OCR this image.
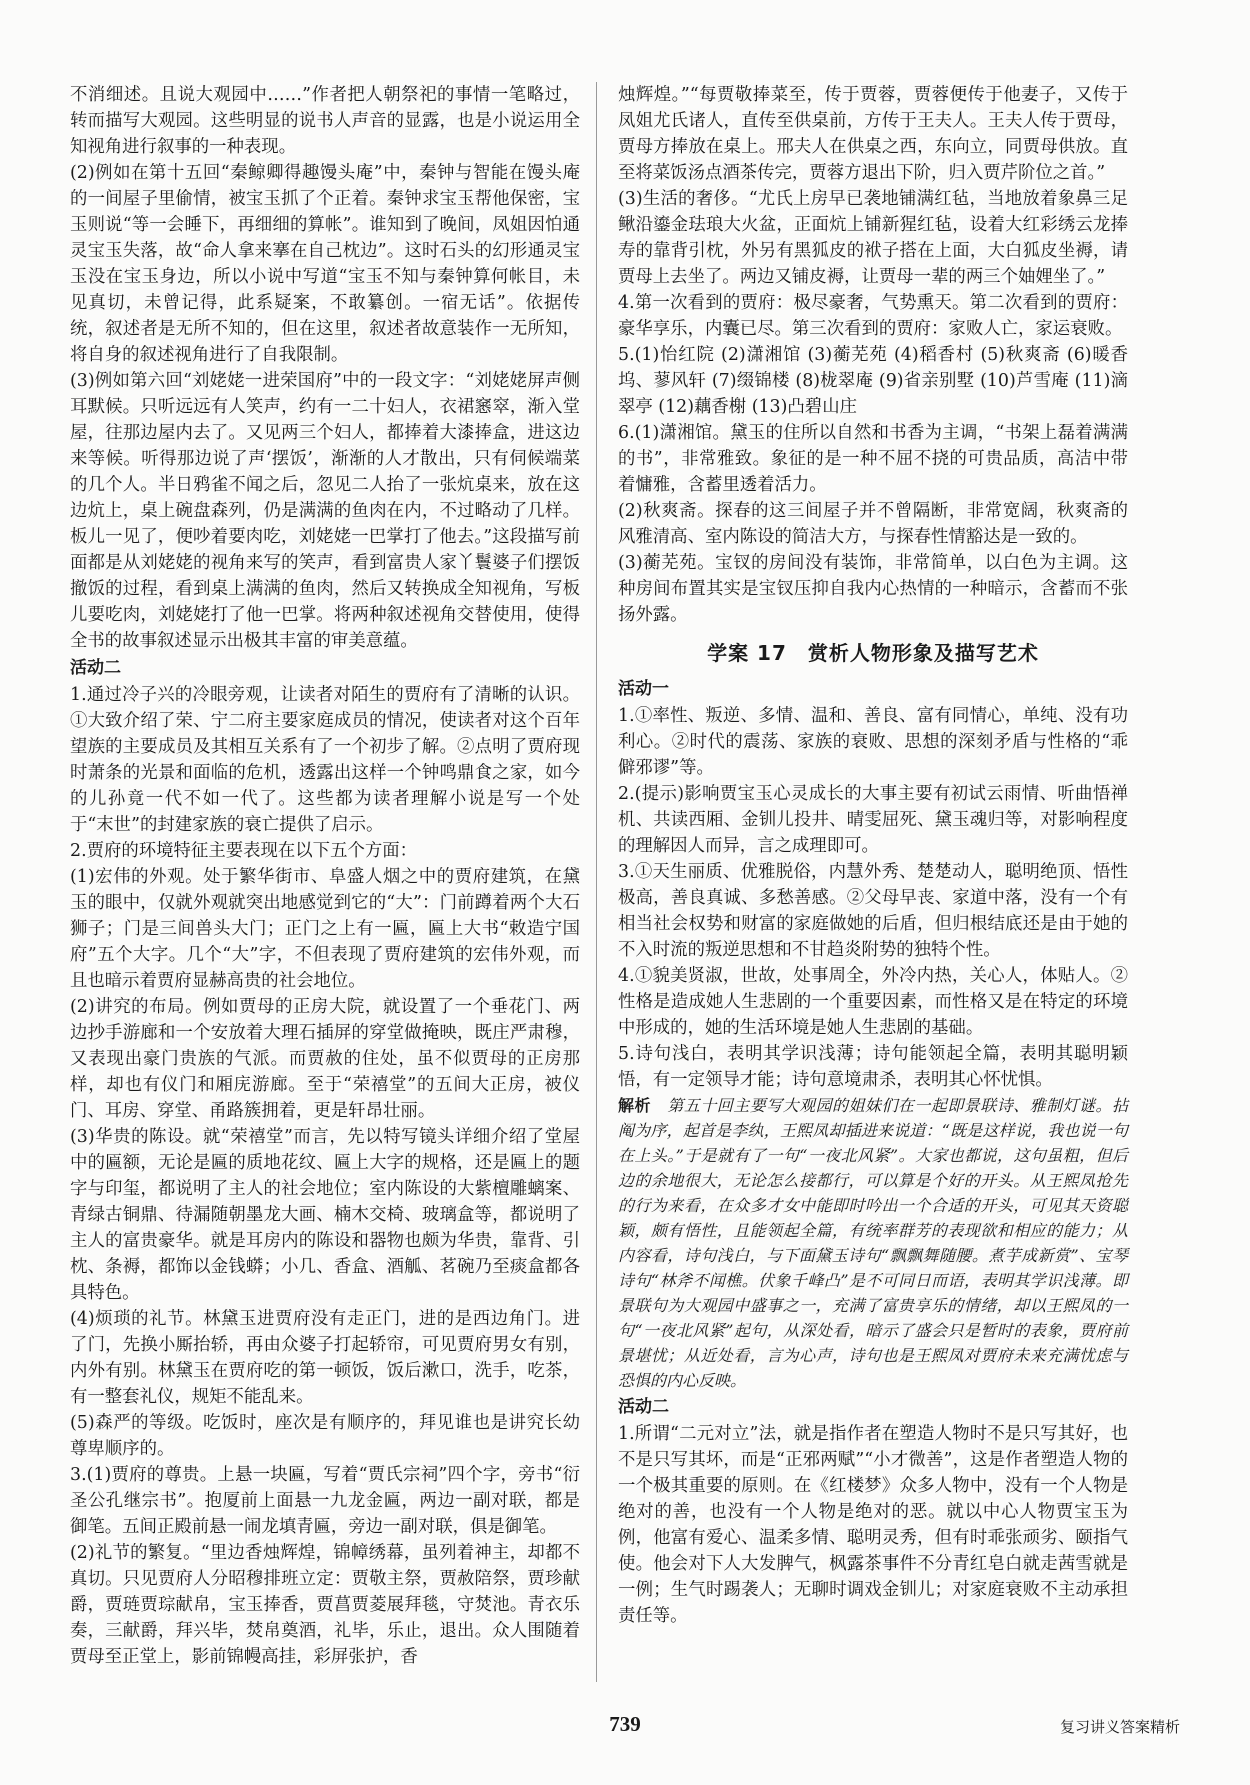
不消细述。且说大观园中……”作者把人朝祭祀的事情一笔略过，转而描写大观园。这些明显的说书人声音的显露，也是小说运用全知视角进行叙事的一种表现。

(2)例如在第十五回“秦鲸卿得趣馒头庵”中，秦钟与智能在馒头庵的一间屋子里偷情，被宝玉抓了个正着。秦钟求宝玉帮他保密，宝玉则说“等一会睡下，再细细的算帐”。谁知到了晚间，凤姐因怕通灵宝玉失落，故“命人拿来搴在自己枕边”。这时石头的幻形通灵宝玉没在宝玉身边，所以小说中写道“宝玉不知与秦钟算何帐目，未见真切，未曾记得，此系疑案，不敢纂创。一宿无话”。依据传统，叙述者是无所不知的，但在这里，叙述者故意装作一无所知，将自身的叙述视角进行了自我限制。

(3)例如第六回“刘姥姥一进荣国府”中的一段文字：“刘姥姥屏声侧耳默候。只听远远有人笑声，约有一二十妇人，衣裙窸窣，渐入堂屋，往那边屋内去了。又见两三个妇人，都捧着大漆捧盒，进这边来等候。听得那边说了声‘摆饭’，渐渐的人才散出，只有伺候端菜的几个人。半日鸦雀不闻之后，忽见二人抬了一张炕桌来，放在这边炕上，桌上碗盘森列，仍是满满的鱼肉在内，不过略动了几样。板儿一见了，便吵着要肉吃，刘姥姥一巴掌打了他去。”这段描写前面都是从刘姥姥的视角来写的笑声，看到富贵人家丫鬟婆子们摆饭撤饭的过程，看到桌上满满的鱼肉，然后又转换成全知视角，写板儿要吃肉，刘姥姥打了他一巴掌。将两种叙述视角交替使用，使得全书的故事叙述显示出极其丰富的审美意蕴。

活动二

1.通过冷子兴的冷眼旁观，让读者对陌生的贾府有了清晰的认识。①大致介绍了荣、宁二府主要家庭成员的情况，使读者对这个百年望族的主要成员及其相互关系有了一个初步了解。②点明了贾府现时萧条的光景和面临的危机，透露出这样一个钟鸣鼎食之家，如今的儿孙竟一代不如一代了。这些都为读者理解小说是写一个处于“末世”的封建家族的衰亡提供了启示。

2.贾府的环境特征主要表现在以下五个方面：

(1)宏伟的外观。处于繁华街市、阜盛人烟之中的贾府建筑，在黛玉的眼中，仅就外观就突出地感觉到它的“大”：门前蹲着两个大石狮子；门是三间兽头大门；正门之上有一匾，匾上大书“敕造宁国府”五个大字。几个“大”字，不但表现了贾府建筑的宏伟外观，而且也暗示着贾府显赫高贵的社会地位。

(2)讲究的布局。例如贾母的正房大院，就设置了一个垂花门、两边抄手游廊和一个安放着大理石插屏的穿堂做掩映，既庄严肃穆，又表现出豪门贵族的气派。而贾赦的住处，虽不似贾母的正房那样，却也有仪门和厢庑游廊。至于“荣禧堂”的五间大正房，被仪门、耳房、穿堂、甬路簇拥着，更是轩昂壮丽。

(3)华贵的陈设。就“荣禧堂”而言，先以特写镜头详细介绍了堂屋中的匾额，无论是匾的质地花纹、匾上大字的规格，还是匾上的题字与印玺，都说明了主人的社会地位；室内陈设的大紫檀雕螭案、青绿古铜鼎、待漏随朝墨龙大画、楠木交椅、玻璃盒等，都说明了主人的富贵豪华。就是耳房内的陈设和器物也颇为华贵，靠背、引枕、条褥，都饰以金钱蟒；小几、香盒、酒觚、茗碗乃至痰盒都各具特色。

(4)烦琐的礼节。林黛玉进贾府没有走正门，进的是西边角门。进了门，先换小厮抬轿，再由众婆子打起轿帘，可见贾府男女有别，内外有别。林黛玉在贾府吃的第一顿饭，饭后漱口，洗手，吃茶，有一整套礼仪，规矩不能乱来。

(5)森严的等级。吃饭时，座次是有顺序的，拜见谁也是讲究长幼尊卑顺序的。

3.(1)贾府的尊贵。上悬一块匾，写着“贾氏宗祠”四个字，旁书“衍圣公孔继宗书”。抱厦前上面悬一九龙金匾，两边一副对联，都是御笔。五间正殿前悬一闹龙填青匾，旁边一副对联，俱是御笔。

(2)礼节的繁复。“里边香烛辉煌，锦幛绣幕，虽列着神主，却都不真切。只见贾府人分昭穆排班立定：贾敬主祭，贾赦陪祭，贾珍献爵，贾琏贾琮献帛，宝玉捧香，贾菖贾菱展拜毯，守焚池。青衣乐奏，三献爵，拜兴毕，焚帛奠酒，礼毕，乐止，退出。众人围随着贾母至正堂上，影前锦幔高挂，彩屏张护，香

烛辉煌。”“每贾敬捧菜至，传于贾蓉，贾蓉便传于他妻子，又传于凤姐尤氏诸人，直传至供桌前，方传于王夫人。王夫人传于贾母，贾母方捧放在桌上。邢夫人在供桌之西，东向立，同贾母供放。直至将菜饭汤点酒茶传完，贾蓉方退出下阶，归入贾芹阶位之首。”

(3)生活的奢侈。“尤氏上房早已袭地铺满红毡，当地放着象鼻三足鳅沿鎏金珐琅大火盆，正面炕上铺新猩红毡，设着大红彩绣云龙捧寿的靠背引枕，外另有黑狐皮的袱子搭在上面，大白狐皮坐褥，请贾母上去坐了。两边又铺皮褥，让贾母一辈的两三个妯娌坐了。”

4.第一次看到的贾府：极尽豪奢，气势熏天。第二次看到的贾府：豪华享乐，内囊已尽。第三次看到的贾府：家败人亡，家运衰败。

5.(1)怡红院 (2)潇湘馆 (3)蘅芜苑 (4)稻香村 (5)秋爽斋 (6)暖香坞、蓼风轩 (7)缀锦楼 (8)栊翠庵 (9)省亲别墅 (10)芦雪庵 (11)滴翠亭 (12)藕香榭 (13)凸碧山庄

6.(1)潇湘馆。黛玉的住所以自然和书香为主调，“书架上磊着满满的书”，非常雅致。象征的是一种不屈不挠的可贵品质，高洁中带着慵雅，含蓄里透着活力。

(2)秋爽斋。探春的这三间屋子并不曾隔断，非常宽阔，秋爽斋的风雅清高、室内陈设的简洁大方，与探春性情豁达是一致的。

(3)蘅芜苑。宝钗的房间没有装饰，非常简单，以白色为主调。这种房间布置其实是宝钗压抑自我内心热情的一种暗示，含蓄而不张扬外露。

学案 17　赏析人物形象及描写艺术

活动一

1.①率性、叛逆、多情、温和、善良、富有同情心，单纯、没有功利心。②时代的震荡、家族的衰败、思想的深刻矛盾与性格的“乖僻邪谬”等。

2.(提示)影响贾宝玉心灵成长的大事主要有初试云雨情、听曲悟禅机、共读西厢、金钏儿投井、晴雯屈死、黛玉魂归等，对影响程度的理解因人而异，言之成理即可。

3.①天生丽质、优雅脱俗，内慧外秀、楚楚动人，聪明绝顶、悟性极高，善良真诚、多愁善感。②父母早丧、家道中落，没有一个有相当社会权势和财富的家庭做她的后盾，但归根结底还是由于她的不入时流的叛逆思想和不甘趋炎附势的独特个性。

4.①貌美贤淑，世故，处事周全，外冷内热，关心人，体贴人。②性格是造成她人生悲剧的一个重要因素，而性格又是在特定的环境中形成的，她的生活环境是她人生悲剧的基础。

5.诗句浅白，表明其学识浅薄；诗句能领起全篇，表明其聪明颖悟，有一定领导才能；诗句意境肃杀，表明其心怀忧惧。

解析　第五十回主要写大观园的姐妹们在一起即景联诗、雅制灯谜。拈阄为序，起首是李纨，王熙凤却插进来说道：“既是这样说，我也说一句在上头。”于是就有了一句“一夜北风紧”。大家也都说，这句虽粗，但后边的余地很大，无论怎么接都行，可以算是个好的开头。从王熙凤抢先的行为来看，在众多才女中能即时吟出一个合适的开头，可见其天资聪颖，颇有悟性，且能领起全篇，有统率群芳的表现欲和相应的能力；从内容看，诗句浅白，与下面黛玉诗句“飘飘舞随腰。煮芋成新赏”、宝琴诗句“林斧不闻樵。伏象千峰凸”是不可同日而语，表明其学识浅薄。即景联句为大观园中盛事之一，充满了富贵享乐的情绪，却以王熙凤的一句“一夜北风紧”起句，从深处看，暗示了盛会只是暂时的表象，贾府前景堪忧；从近处看，言为心声，诗句也是王熙凤对贾府未来充满忧虑与恐惧的内心反映。

活动二

1.所谓“二元对立”法，就是指作者在塑造人物时不是只写其好，也不是只写其坏，而是“正邪两赋”“小才微善”，这是作者塑造人物的一个极其重要的原则。在《红楼梦》众多人物中，没有一个人物是绝对的善，也没有一个人物是绝对的恶。就以中心人物贾宝玉为例，他富有爱心、温柔多情、聪明灵秀，但有时乖张顽劣、颐指气使。他会对下人大发脾气，枫露茶事件不分青红皂白就走茜雪就是一例；生气时踢袭人；无聊时调戏金钏儿；对家庭衰败不主动承担责任等。

739	复习讲义答案精析
